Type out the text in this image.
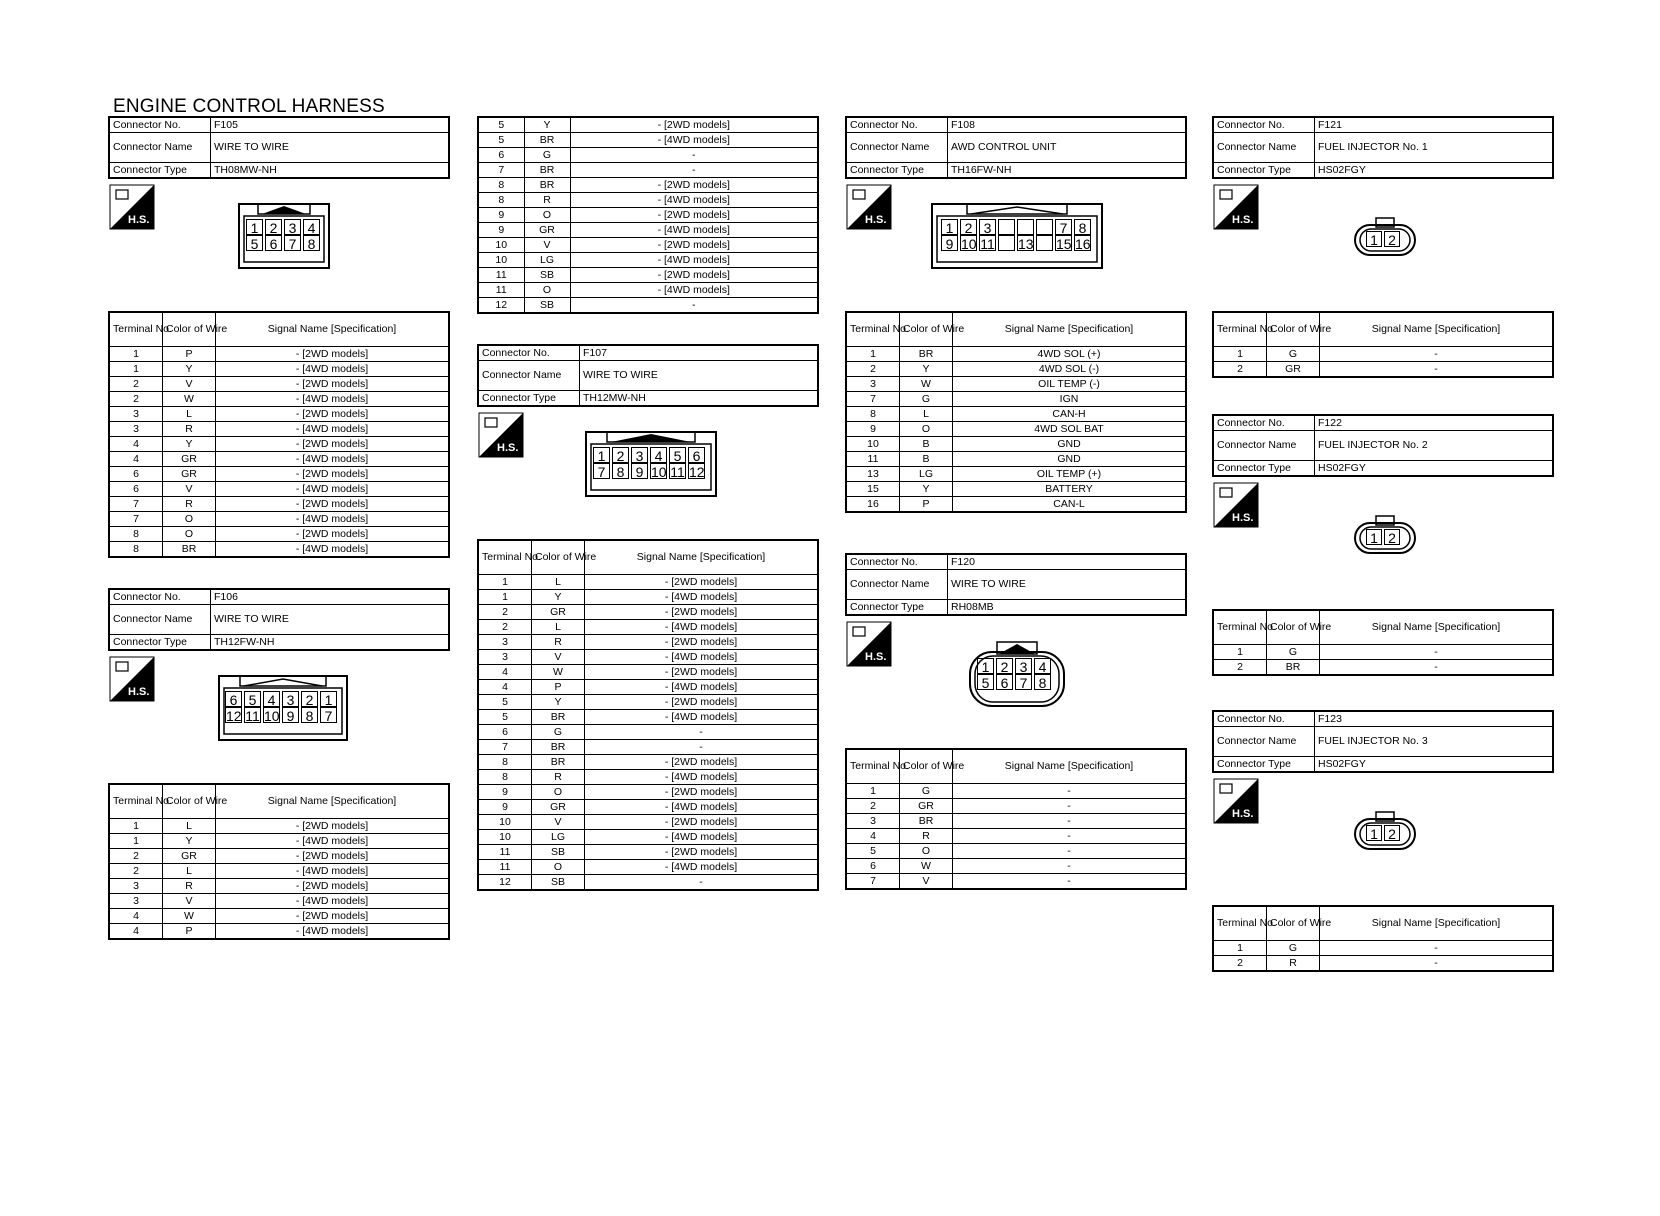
ENGINE CONTROL HARNESS
Connector No.	F105
Connector Name	WIRE TO WIRE
Connector Type	TH08MW-NH
H.S.	1 2 3 4
5 6 7 8
Terminal No.	Color of Wire	Signal Name [Specification]
1	P	- [2WD models]
1	Y	- [4WD models]
2	V	- [2WD models]
2	W	- [4WD models]
3	L	- [2WD models]
3	R	- [4WD models]
4	Y	- [2WD models]
4	GR	- [4WD models]
6	GR	- [2WD models]
6	V	- [4WD models]
7	R	- [2WD models]
7	O	- [4WD models]
8	O	- [2WD models]
8	BR	- [4WD models]
Connector No.	F106
Connector Name	WIRE TO WIRE
Connector Type	TH12FW-NH
H.S.	6 5 4 3 2 1
12 11 10 9 8 7
Terminal No.	Color of Wire	Signal Name [Specification]
1	L	- [2WD models]
1	Y	- [4WD models]
2	GR	- [2WD models]
2	L	- [4WD models]
3	R	- [2WD models]
3	V	- [4WD models]
4	W	- [2WD models]
4	P	- [4WD models]
5	Y	- [2WD models]
5	BR	- [4WD models]
6	G	-
7	BR	-
8	BR	- [2WD models]
8	R	- [4WD models]
9	O	- [2WD models]
9	GR	- [4WD models]
10	V	- [2WD models]
10	LG	- [4WD models]
11	SB	- [2WD models]
11	O	- [4WD models]
12	SB	-
Connector No.	F107
Connector Name	WIRE TO WIRE
Connector Type	TH12MW-NH
H.S.	1 2 3 4 5 6
7 8 9 10 11 12
Terminal No.	Color of Wire	Signal Name [Specification]
1	L	- [2WD models]
1	Y	- [4WD models]
2	GR	- [2WD models]
2	L	- [4WD models]
3	R	- [2WD models]
3	V	- [4WD models]
4	W	- [2WD models]
4	P	- [4WD models]
5	Y	- [2WD models]
5	BR	- [4WD models]
6	G	-
7	BR	-
8	BR	- [2WD models]
8	R	- [4WD models]
9	O	- [2WD models]
9	GR	- [4WD models]
10	V	- [2WD models]
10	LG	- [4WD models]
11	SB	- [2WD models]
11	O	- [4WD models]
12	SB	-
Connector No.	F108
Connector Name	AWD CONTROL UNIT
Connector Type	TH16FW-NH
H.S.	1 2 3	7 8
9 10 11 13 15 16
Terminal No.	Color of Wire	Signal Name [Specification]
1	BR	4WD SOL (+)
2	Y	4WD SOL (-)
3	W	OIL TEMP (-)
7	G	IGN
8	L	CAN-H
9	O	4WD SOL BAT
10	B	GND
11	B	GND
13	LG	OIL TEMP (+)
15	Y	BATTERY
16	P	CAN-L
Connector No.	F120
Connector Name	WIRE TO WIRE
Connector Type	RH08MB
H.S.
1 2 3 4
5 6 7 8
Terminal No.	Color of Wire	Signal Name [Specification]
1	G	-
2	GR	-
3	BR	-
4	R	-
5	O	-
6	W	-
7	V	-
Connector No.	F121
Connector Name	FUEL INJECTOR No. 1
Connector Type	HS02FGY
H.S.
1 2
Terminal No.	Color of Wire	Signal Name [Specification]
1	G	-
2	GR	-
Connector No.	F122
Connector Name	FUEL INJECTOR No. 2
Connector Type	HS02FGY
H.S.
1 2
Terminal No.	Color of Wire	Signal Name [Specification]
1	G	-
2	BR	-
Connector No.	F123
Connector Name	FUEL INJECTOR No. 3
Connector Type	HS02FGY
H.S.
1 2
Terminal No.	Color of Wire	Signal Name [Specification]
1	G	-
2	R	-
